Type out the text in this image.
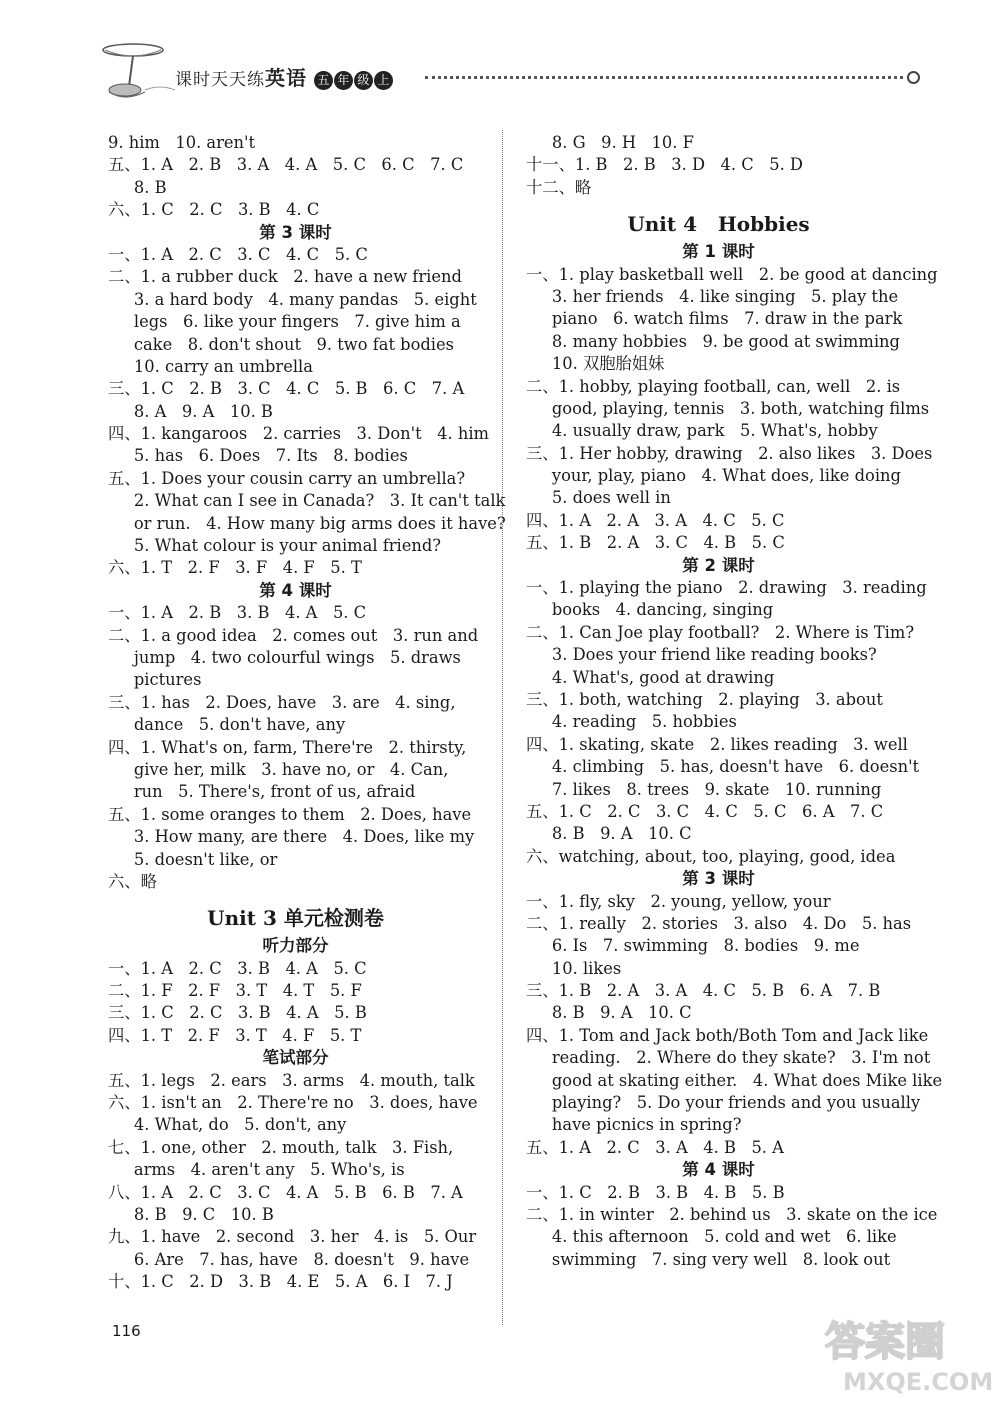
课时天天练英语 五 年 级 上
9. him   10. aren't
五、1. A   2. B   3. A   4. A   5. C   6. C   7. C
8. B
六、1. C   2. C   3. B   4. C
第 3 课时
一、1. A   2. C   3. C   4. C   5. C
二、1. a rubber duck   2. have a new friend
3. a hard body   4. many pandas   5. eight
legs   6. like your fingers   7. give him a
cake   8. don't shout   9. two fat bodies
10. carry an umbrella
三、1. C   2. B   3. C   4. C   5. B   6. C   7. A
8. A   9. A   10. B
四、1. kangaroos   2. carries   3. Don't   4. him
5. has   6. Does   7. Its   8. bodies
五、1. Does your cousin carry an umbrella?
2. What can I see in Canada?   3. It can't talk
or run.   4. How many big arms does it have?
5. What colour is your animal friend?
六、1. T   2. F   3. F   4. F   5. T
第 4 课时
一、1. A   2. B   3. B   4. A   5. C
二、1. a good idea   2. comes out   3. run and
jump   4. two colourful wings   5. draws
pictures
三、1. has   2. Does, have   3. are   4. sing,
dance   5. don't have, any
四、1. What's on, farm, There're   2. thirsty,
give her, milk   3. have no, or   4. Can,
run   5. There's, front of us, afraid
五、1. some oranges to them   2. Does, have
3. How many, are there   4. Does, like my
5. doesn't like, or
六、略
Unit 3 单元检测卷
听力部分
一、1. A   2. C   3. B   4. A   5. C
二、1. F   2. F   3. T   4. T   5. F
三、1. C   2. C   3. B   4. A   5. B
四、1. T   2. F   3. T   4. F   5. T
笔试部分
五、1. legs   2. ears   3. arms   4. mouth, talk
六、1. isn't an   2. There're no   3. does, have
4. What, do   5. don't, any
七、1. one, other   2. mouth, talk   3. Fish,
arms   4. aren't any   5. Who's, is
八、1. A   2. C   3. C   4. A   5. B   6. B   7. A
8. B   9. C   10. B
九、1. have   2. second   3. her   4. is   5. Our
6. Are   7. has, have   8. doesn't   9. have
十、1. C   2. D   3. B   4. E   5. A   6. I   7. J
8. G   9. H   10. F
十一、1. B   2. B   3. D   4. C   5. D
十二、略
Unit 4   Hobbies
第 1 课时
一、1. play basketball well   2. be good at dancing
3. her friends   4. like singing   5. play the
piano   6. watch films   7. draw in the park
8. many hobbies   9. be good at swimming
10. 双胞胎姐妹
二、1. hobby, playing football, can, well   2. is
good, playing, tennis   3. both, watching films
4. usually draw, park   5. What's, hobby
三、1. Her hobby, drawing   2. also likes   3. Does
your, play, piano   4. What does, like doing
5. does well in
四、1. A   2. A   3. A   4. C   5. C
五、1. B   2. A   3. C   4. B   5. C
第 2 课时
一、1. playing the piano   2. drawing   3. reading
books   4. dancing, singing
二、1. Can Joe play football?   2. Where is Tim?
3. Does your friend like reading books?
4. What's, good at drawing
三、1. both, watching   2. playing   3. about
4. reading   5. hobbies
四、1. skating, skate   2. likes reading   3. well
4. climbing   5. has, doesn't have   6. doesn't
7. likes   8. trees   9. skate   10. running
五、1. C   2. C   3. C   4. C   5. C   6. A   7. C
8. B   9. A   10. C
六、watching, about, too, playing, good, idea
第 3 课时
一、1. fly, sky   2. young, yellow, your
二、1. really   2. stories   3. also   4. Do   5. has
6. Is   7. swimming   8. bodies   9. me
10. likes
三、1. B   2. A   3. A   4. C   5. B   6. A   7. B
8. B   9. A   10. C
四、1. Tom and Jack both/Both Tom and Jack like
reading.   2. Where do they skate?   3. I'm not
good at skating either.   4. What does Mike like
playing?   5. Do your friends and you usually
have picnics in spring?
五、1. A   2. C   3. A   4. B   5. A
第 4 课时
一、1. C   2. B   3. B   4. B   5. B
二、1. in winter   2. behind us   3. skate on the ice
4. this afternoon   5. cold and wet   6. like
swimming   7. sing very well   8. look out
116	答案圈
MXQE.COM
